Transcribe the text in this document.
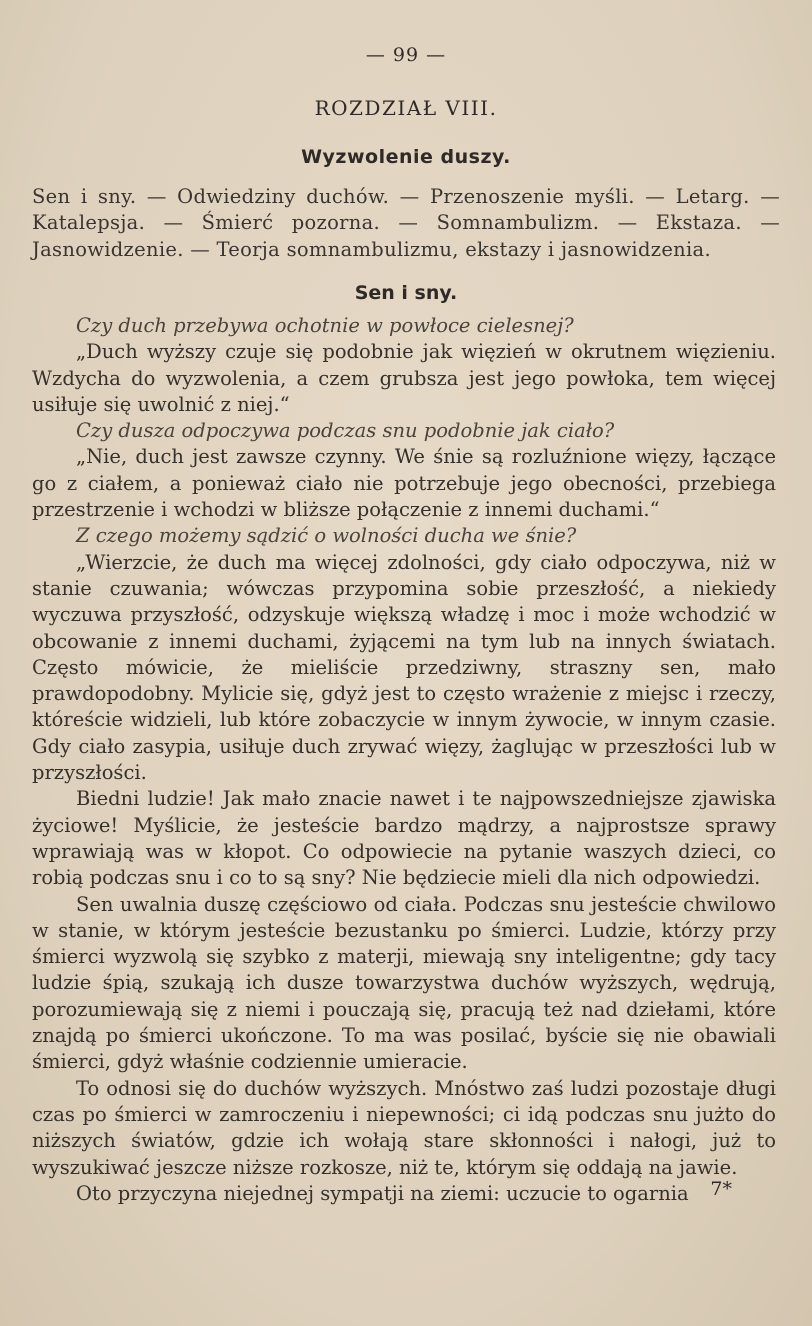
— 99 —
ROZDZIAŁ VIII.
Wyzwolenie duszy.
Sen i sny. — Odwiedziny duchów. — Przenoszenie myśli. — Letarg. — Katalepsja. — Śmierć pozorna. — Somnambulizm. — Ekstaza. — Jasnowidzenie. — Teorja somnambulizmu, ekstazy i jasnowidzenia.
Sen i sny.

Czy duch przebywa ochotnie w powłoce cielesnej?

„Duch wyższy czuje się podobnie jak więzień w okrutnem więzieniu. Wzdycha do wyzwolenia, a czem grubsza jest jego powłoka, tem więcej usiłuje się uwolnić z niej.“

Czy dusza odpoczywa podczas snu podobnie jak ciało?

„Nie, duch jest zawsze czynny. We śnie są rozluźnione więzy, łączące go z ciałem, a ponieważ ciało nie potrzebuje jego obecności, przebiega przestrzenie i wchodzi w bliższe połączenie z innemi duchami.“

Z czego możemy sądzić o wolności ducha we śnie?

„Wierzcie, że duch ma więcej zdolności, gdy ciało odpoczywa, niż w stanie czuwania; wówczas przypomina sobie przeszłość, a niekiedy wyczuwa przyszłość, odzyskuje większą władzę i moc i może wchodzić w obcowanie z innemi duchami, żyjącemi na tym lub na innych światach. Często mówicie, że mieliście przedziwny, straszny sen, mało prawdopodobny. Mylicie się, gdyż jest to często wrażenie z miejsc i rzeczy, któreście widzieli, lub które zobaczycie w innym żywocie, w innym czasie. Gdy ciało zasypia, usiłuje duch zrywać więzy, żaglując w przeszłości lub w przyszłości.

Biedni ludzie! Jak mało znacie nawet i te najpowszedniejsze zjawiska życiowe! Myślicie, że jesteście bardzo mądrzy, a najprostsze sprawy wprawiają was w kłopot. Co odpowiecie na pytanie waszych dzieci, co robią podczas snu i co to są sny? Nie będziecie mieli dla nich odpowiedzi.

Sen uwalnia duszę częściowo od ciała. Podczas snu jesteście chwilowo w stanie, w którym jesteście bezustanku po śmierci. Ludzie, którzy przy śmierci wyzwolą się szybko z materji, miewają sny inteligentne; gdy tacy ludzie śpią, szukają ich dusze towarzystwa duchów wyższych, wędrują, porozumiewają się z niemi i pouczają się, pracują też nad dziełami, które znajdą po śmierci ukończone. To ma was posilać, byście się nie obawiali śmierci, gdyż właśnie codziennie umieracie.

To odnosi się do duchów wyższych. Mnóstwo zaś ludzi pozostaje długi czas po śmierci w zamroczeniu i niepewności; ci idą podczas snu jużto do niższych światów, gdzie ich wołają stare skłonności i nałogi, już to wyszukiwać jeszcze niższe rozkosze, niż te, którym się oddają na jawie.

Oto przyczyna niejednej sympatji na ziemi: uczucie to ogarnia	7*
